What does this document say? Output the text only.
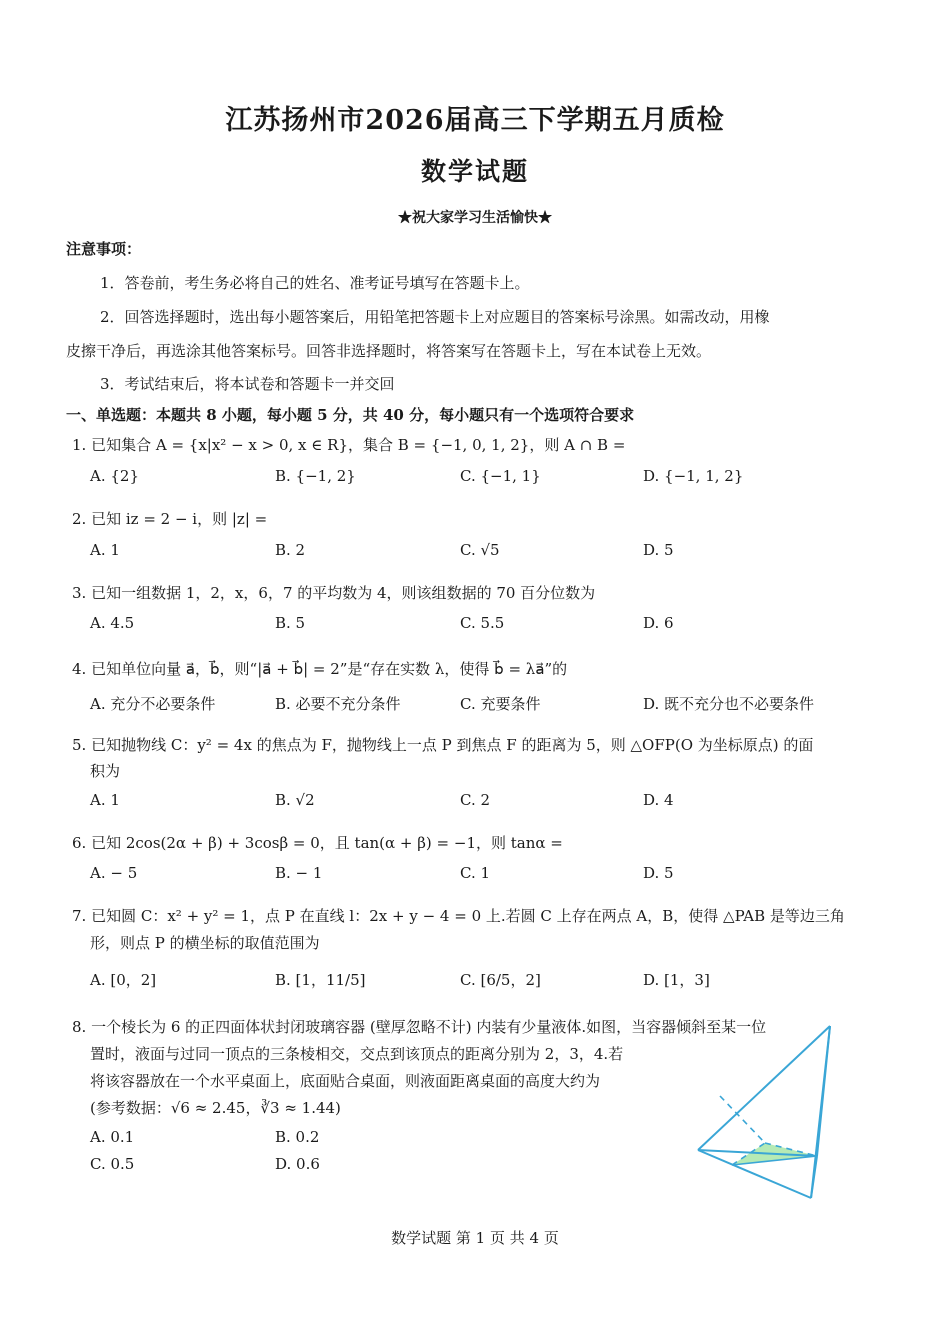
江苏扬州市2026届高三下学期五月质检
数学试题
★祝大家学习生活愉快★
注意事项：
1．答卷前，考生务必将自己的姓名、准考证号填写在答题卡上。
2．回答选择题时，选出每小题答案后，用铅笔把答题卡上对应题目的答案标号涂黑。如需改动，用橡
皮擦干净后，再选涂其他答案标号。回答非选择题时，将答案写在答题卡上，写在本试卷上无效。
3．考试结束后，将本试卷和答题卡一并交回
一、单选题：本题共 8 小题，每小题 5 分，共 40 分，每小题只有一个选项符合要求
1. 已知集合 A = {x|x² − x > 0, x ∈ R}，集合 B = {−1, 0, 1, 2}，则 A ∩ B =
A. {2}	B. {−1, 2}	C. {−1, 1}	D. {−1, 1, 2}
2. 已知 iz = 2 − i，则 |z| =
A. 1	B. 2	C. √5	D. 5
3. 已知一组数据 1，2，x，6，7 的平均数为 4，则该组数据的 70 百分位数为
A. 4.5	B. 5	C. 5.5	D. 6
4. 已知单位向量 a⃗，b⃗，则“|a⃗ + b⃗| = 2”是“存在实数 λ，使得 b⃗ = λa⃗”的
A. 充分不必要条件	B. 必要不充分条件	C. 充要条件	D. 既不充分也不必要条件
5. 已知抛物线 C：y² = 4x 的焦点为 F，抛物线上一点 P 到焦点 F 的距离为 5，则 △OFP(O 为坐标原点) 的面
积为
A. 1	B. √2	C. 2	D. 4
6. 已知 2cos(2α + β) + 3cosβ = 0，且 tan(α + β) = −1，则 tanα =
A. − 5	B. − 1	C. 1	D. 5
7. 已知圆 C：x² + y² = 1，点 P 在直线 l：2x + y − 4 = 0 上.若圆 C 上存在两点 A，B，使得 △PAB 是等边三角
形，则点 P 的横坐标的取值范围为
A. [0，2]	B. [1，11/5]	C. [6/5，2]	D. [1，3]
8. 一个棱长为 6 的正四面体状封闭玻璃容器 (壁厚忽略不计) 内装有少量液体.如图，当容器倾斜至某一位
置时，液面与过同一顶点的三条棱相交，交点到该顶点的距离分别为 2，3，4.若
将该容器放在一个水平桌面上，底面贴合桌面，则液面距离桌面的高度大约为
(参考数据：√6 ≈ 2.45，∛3 ≈ 1.44)
A. 0.1	B. 0.2
C. 0.5	D. 0.6
数学试题 第 1 页 共 4 页
